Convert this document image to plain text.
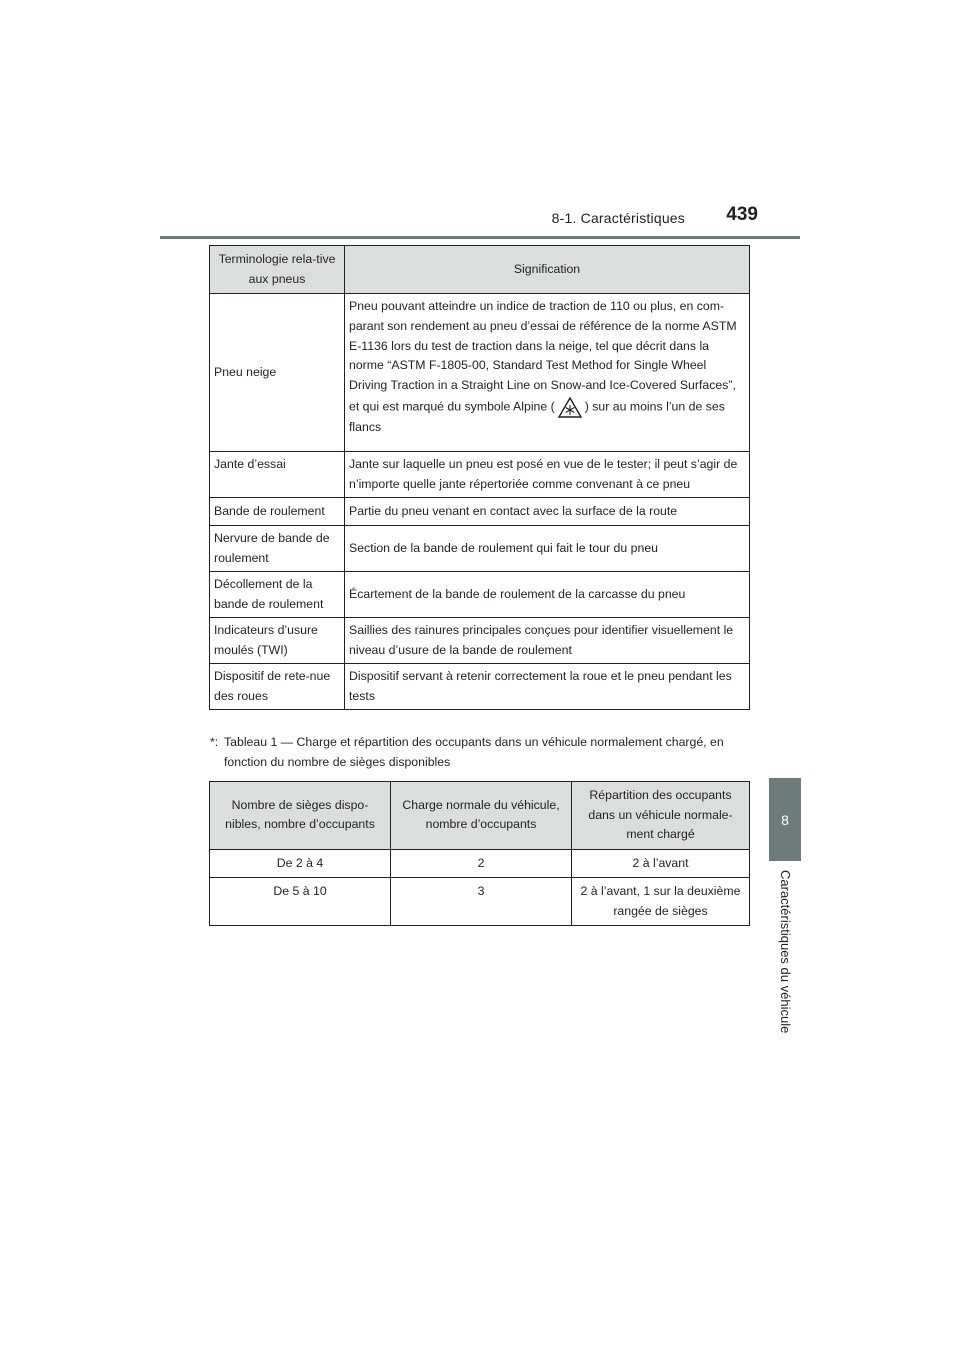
8-1. Caractéristiques 439
8
Caractéristiques du véhicule
Terminologie rela-tive aux pneus	Signification
Pneu neige	Pneu pouvant atteindre un indice de traction de 110 ou plus, en com-parant son rendement au pneu d’essai de référence de la norme ASTM E-1136 lors du test de traction dans la neige, tel que décrit dans la norme “ASTM F-1805-00, Standard Test Method for Single Wheel Driving Traction in a Straight Line on Snow-and Ice-Covered Surfaces”, et qui est marqué du symbole Alpine ( ) sur au moins l’un de ses flancs
Jante d’essai	Jante sur laquelle un pneu est posé en vue de le tester; il peut s’agir de n’importe quelle jante répertoriée comme convenant à ce pneu
Bande de roulement	Partie du pneu venant en contact avec la surface de la route
Nervure de bande de roulement	Section de la bande de roulement qui fait le tour du pneu
Décollement de la bande de roulement	Écartement de la bande de roulement de la carcasse du pneu
Indicateurs d’usure moulés (TWI)	Saillies des rainures principales conçues pour identifier visuellement le niveau d’usure de la bande de roulement
Dispositif de rete-nue des roues	Dispositif servant à retenir correctement la roue et le pneu pendant les tests
*: Tableau 1 — Charge et répartition des occupants dans un véhicule normalement chargé, en fonction du nombre de sièges disponibles
Nombre de sièges dispo-nibles, nombre d’occupants	Charge normale du véhicule, nombre d’occupants	Répartition des occupants dans un véhicule normale-ment chargé
De 2 à 4	2	2 à l’avant
De 5 à 10	3	2 à l’avant, 1 sur la deuxième rangée de sièges
